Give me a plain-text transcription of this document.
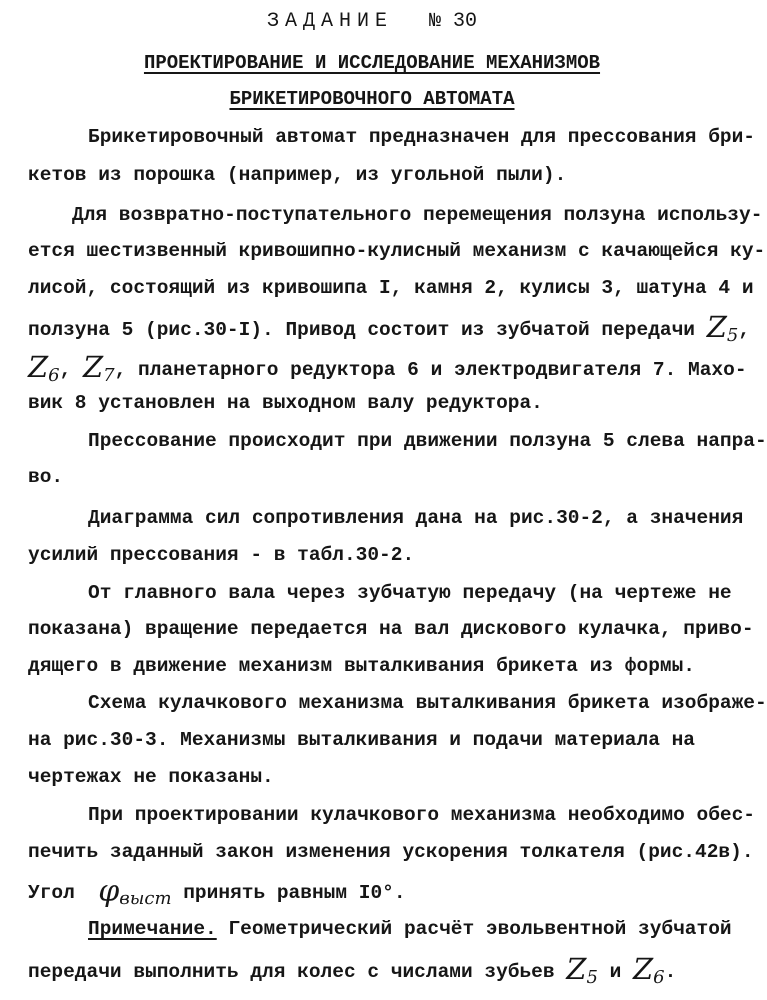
ЗАДАНИЕ № 30
ПРОЕКТИРОВАНИЕ И ИССЛЕДОВАНИЕ МЕХАНИЗМОВ
БРИКЕТИРОВОЧНОГО АВТОМАТА
Брикетировочный автомат предназначен для прессования бри-
кетов из порошка (например, из угольной пыли).
Для возвратно-поступательного перемещения ползуна использу-
ется шестизвенный кривошипно-кулисный механизм с качающейся ку-
лисой, состоящий из кривошипа I, камня 2, кулисы 3, шатуна 4 и
ползуна 5 (рис.30-I). Привод состоит из зубчатой передачи $Z_5$,
$Z_6$, $Z_7$, планетарного редуктора 6 и электродвигателя 7. Махо-
вик 8 установлен на выходном валу редуктора.
Прессование происходит при движении ползуна 5 слева напра-
во.
Диаграмма сил сопротивления дана на рис.30-2, а значения
усилий прессования - в табл.30-2.
От главного вала через зубчатую передачу (на чертеже не
показана) вращение передается на вал дискового кулачка, приво-
дящего в движение механизм выталкивания брикета из формы.
Схема кулачкового механизма выталкивания брикета изображе-
на рис.30-3. Механизмы выталкивания и подачи материала на
чертежах не показаны.
При проектировании кулачкового механизма необходимо обес-
печить заданный закон изменения ускорения толкателя (рис.42в).
Угол $\varphi_{выст}$ принять равным I0°.
Примечание. Геометрический расчёт эвольвентной зубчатой
передачи выполнить для колес с числами зубьев $Z_5$ и $Z_6$.
